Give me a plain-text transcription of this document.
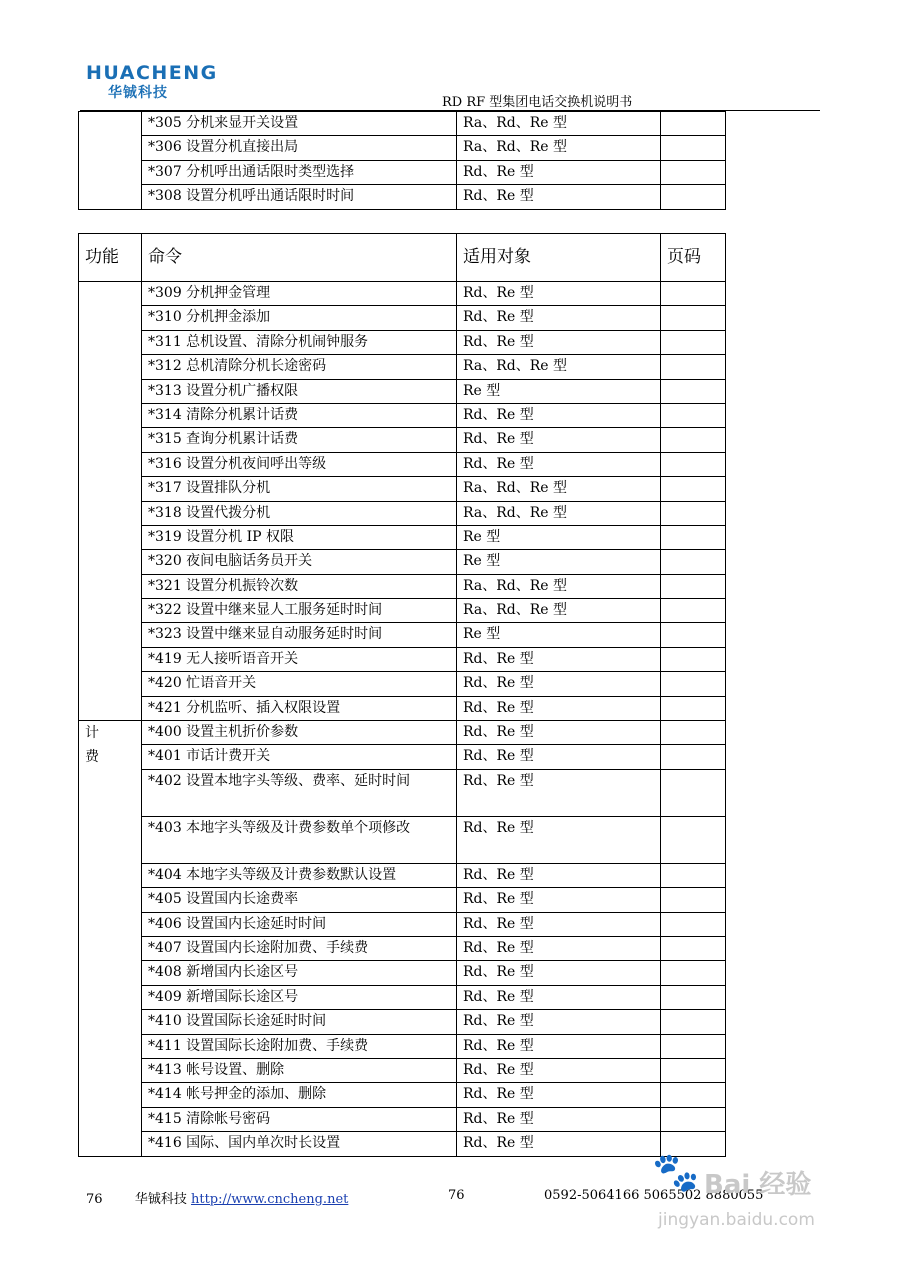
HUACHENG
华铖科技
RD RF 型集团电话交换机说明书
	*305 分机来显开关设置	Ra、Rd、Re 型	
	*306 设置分机直接出局	Ra、Rd、Re 型	
	*307 分机呼出通话限时类型选择	Rd、Re 型	
	*308 设置分机呼出通话限时时间	Rd、Re 型	
功能	命令	适用对象	页码
	*309 分机押金管理	Rd、Re 型	
	*310 分机押金添加	Rd、Re 型	
	*311 总机设置、清除分机闹钟服务	Rd、Re 型	
	*312 总机清除分机长途密码	Ra、Rd、Re 型	
	*313 设置分机广播权限	Re 型	
	*314 清除分机累计话费	Rd、Re 型	
	*315 查询分机累计话费	Rd、Re 型	
	*316 设置分机夜间呼出等级	Rd、Re 型	
	*317 设置排队分机	Ra、Rd、Re 型	
	*318 设置代拨分机	Ra、Rd、Re 型	
	*319 设置分机 IP 权限	Re 型	
	*320 夜间电脑话务员开关	Re 型	
	*321 设置分机振铃次数	Ra、Rd、Re 型	
	*322 设置中继来显人工服务延时时间	Ra、Rd、Re 型	
	*323 设置中继来显自动服务延时时间	Re 型	
	*419 无人接听语音开关	Rd、Re 型	
	*420 忙语音开关	Rd、Re 型	
	*421 分机监听、插入权限设置	Rd、Re 型	
计
费	*400 设置主机折价参数	Rd、Re 型	
	*401 市话计费开关	Rd、Re 型	
	*402 设置本地字头等级、费率、延时时间	Rd、Re 型	
	*403 本地字头等级及计费参数单个项修改	Rd、Re 型	
	*404 本地字头等级及计费参数默认设置	Rd、Re 型	
	*405 设置国内长途费率	Rd、Re 型	
	*406 设置国内长途延时时间	Rd、Re 型	
	*407 设置国内长途附加费、手续费	Rd、Re 型	
	*408 新增国内长途区号	Rd、Re 型	
	*409 新增国际长途区号	Rd、Re 型	
	*410 设置国际长途延时时间	Rd、Re 型	
	*411 设置国际长途附加费、手续费	Rd、Re 型	
	*413 帐号设置、删除	Rd、Re 型	
	*414 帐号押金的添加、删除	Rd、Re 型	
	*415 清除帐号密码	Rd、Re 型	
	*416 国际、国内单次时长设置	Rd、Re 型	
76 华铖科技 http://www.cncheng.net	76	0592-5064166 5065502 8880055
🐾 Bai 经验
jingyan.baidu.com
